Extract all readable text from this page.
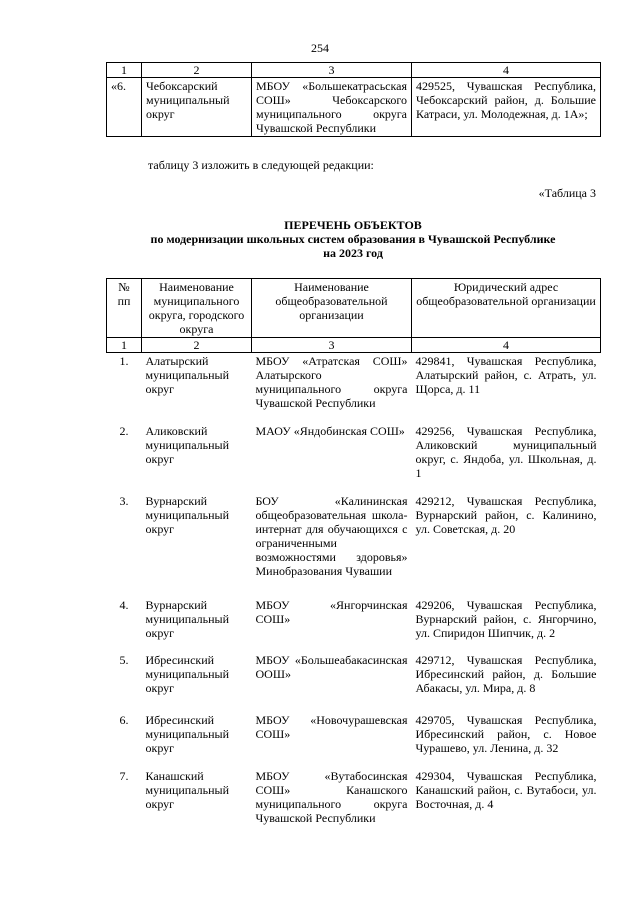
254
1	2	3	4
«6.	Чебоксарский муниципальный округ	МБОУ «Большекатрасьская СОШ» Чебоксарского муниципального округа Чувашской Республики	429525, Чувашская Республика, Чебоксарский район, д. Большие Катраси, ул. Молодежная, д. 1А»;
таблицу 3 изложить в следующей редакции:
«Таблица 3
ПЕРЕЧЕНЬ ОБЪЕКТОВ
по модернизации школьных систем образования в Чувашской Республике
на 2023 год
№ пп	Наименование муниципального округа, городского округа	Наименование общеобразовательной организации	Юридический адрес общеобразовательной организации
1	2	3	4
1.	Алатырский муниципальный округ	МБОУ «Атратская СОШ» Алатырского муниципального округа Чувашской Республики	429841, Чувашская Республика, Алатырский район, с. Атрать, ул. Щорса, д. 11
2.	Аликовский муниципальный округ	МАОУ «Яндобинская СОШ»	429256, Чувашская Республика, Аликовский муниципальный округ, с. Яндоба, ул. Школьная, д. 1
3.	Вурнарский муниципальный округ	БОУ «Калининская общеобразовательная школа-интернат для обучающихся с ограниченными возможностями здоровья» Минобразования Чувашии	429212, Чувашская Республика, Вурнарский район, с. Калинино, ул. Советская, д. 20
4.	Вурнарский муниципальный округ	МБОУ «Янгорчинская СОШ»	429206, Чувашская Республика, Вурнарский район, с. Янгорчино, ул. Спиридон Шипчик, д. 2
5.	Ибресинский муниципальный округ	МБОУ «Большеабакасинская ООШ»	429712, Чувашская Республика, Ибресинский район, д. Большие Абакасы, ул. Мира, д. 8
6.	Ибресинский муниципальный округ	МБОУ «Новочурашевская СОШ»	429705, Чувашская Республика, Ибресинский район, с. Новое Чурашево, ул. Ленина, д. 32
7.	Канашский муниципальный округ	МБОУ «Вутабосинская СОШ» Канашского муниципального округа Чувашской Республики	429304, Чувашская Республика, Канашский район, с. Вутабоси, ул. Восточная, д. 4
